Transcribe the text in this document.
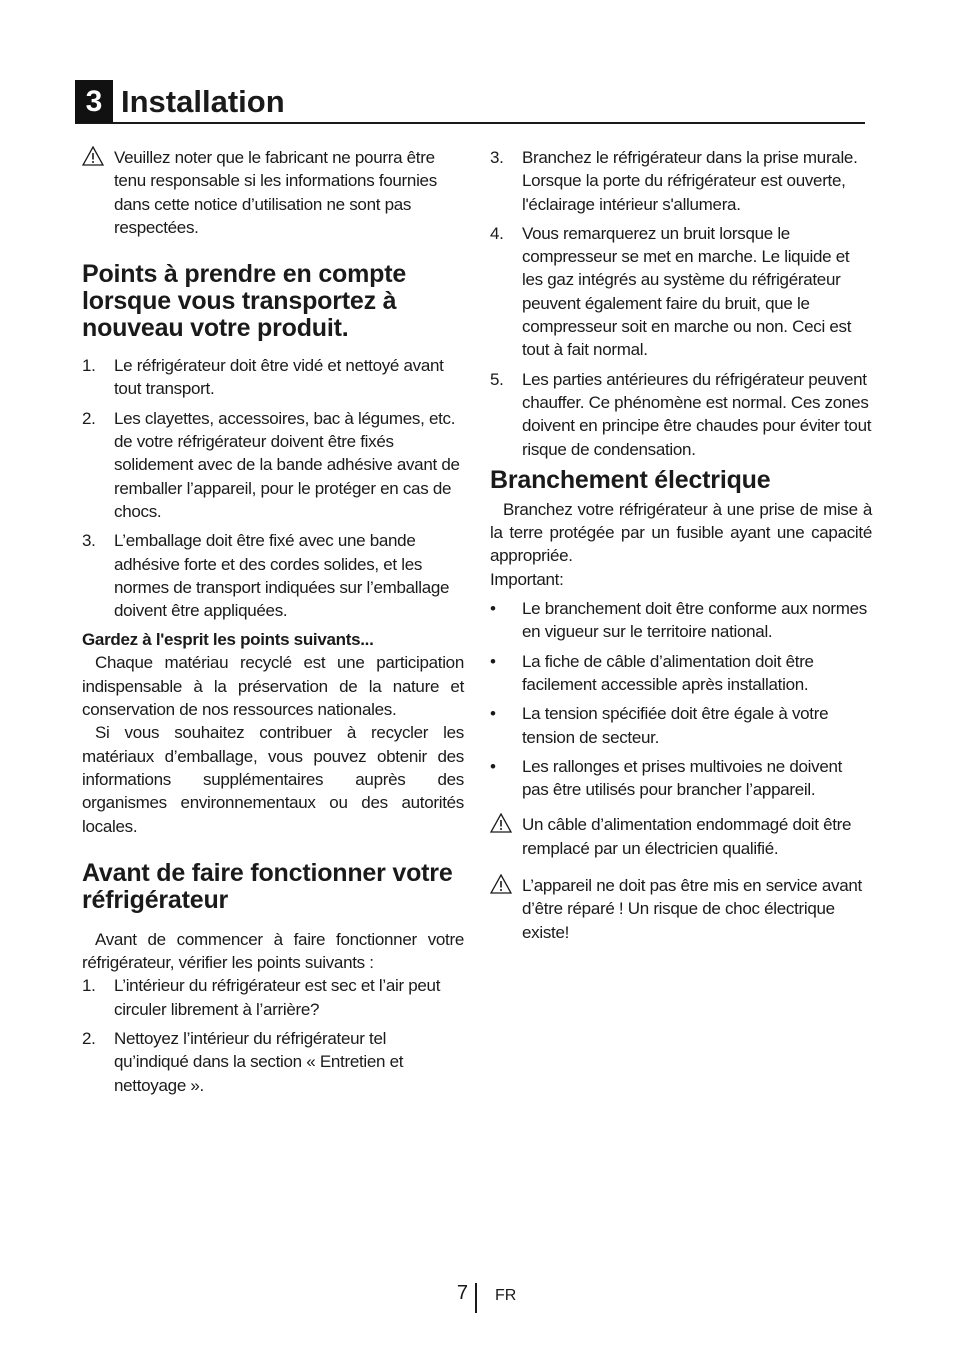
3 Installation
Veuillez noter que le fabricant ne pourra être tenu responsable si les informations fournies dans cette notice d’utilisation ne sont pas respectées.
Points à prendre en compte lorsque vous transportez à nouveau votre produit.
1. Le réfrigérateur doit être vidé et nettoyé avant tout transport.
2. Les clayettes, accessoires, bac à légumes, etc. de votre réfrigérateur doivent être fixés solidement avec de la bande adhésive avant de remballer l’appareil, pour le protéger en cas de chocs.
3. L’emballage doit être fixé avec une bande adhésive forte et des cordes solides, et les normes de transport indiquées sur l’emballage doivent être appliquées.
Gardez à l'esprit les points suivants...
Chaque matériau recyclé est une participation indispensable à la préservation de la nature et conservation de nos ressources nationales.
Si vous souhaitez contribuer à recycler les matériaux d’emballage, vous pouvez obtenir des informations supplémentaires auprès des organismes environnementaux ou des autorités locales.
Avant de faire fonctionner votre réfrigérateur
Avant de commencer à faire fonctionner votre réfrigérateur, vérifier les points suivants :
1. L’intérieur du réfrigérateur est sec et l’air peut circuler librement à l’arrière?
2. Nettoyez l’intérieur du réfrigérateur tel qu’indiqué dans la section « Entretien et nettoyage ».
3. Branchez le réfrigérateur dans la prise murale. Lorsque la porte du réfrigérateur est ouverte, l'éclairage intérieur s'allumera.
4. Vous remarquerez un bruit lorsque le compresseur se met en marche. Le liquide et les gaz intégrés au système du réfrigérateur peuvent également faire du bruit, que le compresseur soit en marche ou non. Ceci est tout à fait normal.
5. Les parties antérieures du réfrigérateur peuvent chauffer. Ce phénomène est normal. Ces zones doivent en principe être chaudes pour éviter tout risque de condensation.
Branchement électrique
Branchez votre réfrigérateur à une prise de mise à la terre protégée par un fusible ayant une capacité appropriée.
Important:
• Le branchement doit être conforme aux normes en vigueur sur le territoire national.
• La fiche de câble d’alimentation doit être facilement accessible après installation.
• La tension spécifiée doit être égale à votre tension de secteur.
• Les rallonges et prises multivoies ne doivent pas être utilisés pour brancher l’appareil.
Un câble d’alimentation endommagé doit être remplacé par un électricien qualifié.
L’appareil ne doit pas être mis en service avant d’être réparé ! Un risque de choc électrique existe!
7 FR
